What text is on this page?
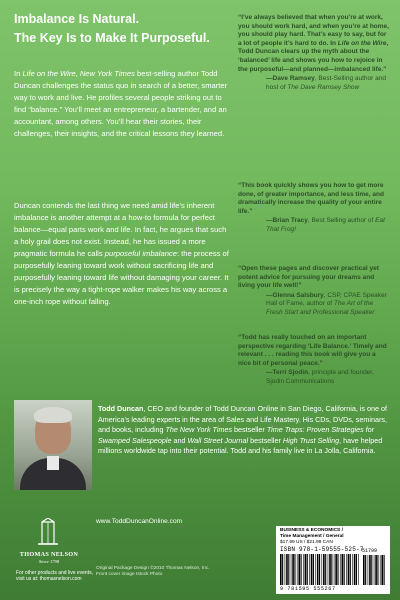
Imbalance Is Natural.
The Key Is to Make It Purposeful.

In Life on the Wire, New York Times best-selling author Todd Duncan challenges the status quo in search of a better, smarter way to work and live. He profiles several people striking out to find “balance.” You’ll meet an entrepreneur, a bartender, and an accountant, among others. You’ll hear their stories, their challenges, their insights, and the critical lessons they learned.

Duncan contends the last thing we need amid life’s inherent imbalance is another attempt at a how-to formula for perfect balance—equal parts work and life. In fact, he argues that such a holy grail does not exist. Instead, he has issued a more pragmatic formula he calls purposeful imbalance: the process of purposefully leaning toward work without sacrificing life and purposefully leaning toward life without damaging your career. It is precisely the way a tight-rope walker makes his way across a one-inch rope without falling.

“I’ve always believed that when you’re at work, you should work hard, and when you’re at home, you should play hard. That’s easy to say, but for a lot of people it’s hard to do. In Life on the Wire, Todd Duncan clears up the myth about the ‘balanced’ life and shows you how to rejoice in the purposeful—and planned—imbalanced life.”

—Dave Ramsey, Best-Selling author and host of The Dave Ramsey Show

“This book quickly shows you how to get more done, of greater importance, and less time, and dramatically increase the quality of your entire life.”

—Brian Tracy, Best Selling author of Eat That Frog!

“Open these pages and discover practical yet potent advice for pursuing your dreams and living your life well!”

—Glenna Salsbury, CSP, CPAE Speaker Hall of Fame, author of The Art of the Fresh Start and Professional Speaker

“Todd has really touched on an important perspective regarding ‘Life Balance.’ Timely and relevant . . . reading this book will give you a nice bit of personal peace.”

—Terri Sjodin, principle and founder, Sjodin Communications
Todd Duncan, CEO and founder of Todd Duncan Online in San Diego, California, is one of America’s leading experts in the area of Sales and Life Mastery. His CDs, DVDs, seminars, and books, including The New York Times bestseller Time Traps: Proven Strategies for Swamped Salespeople and Wall Street Journal bestseller High Trust Selling, have helped millions worldwide tap into their potential. Todd and his family live in La Jolla, California.
www.ToddDuncanOnline.com
THOMAS NELSON
Since 1798
For other products and live events,
visit us at: thomasnelson.com
Original Package Design ©2010 Thomas Nelson, Inc.
Front cover image Istock Photo
BUSINESS & ECONOMICS /
Time Management / General
$17.99 US / $21.99 CAN
ISBN 978-1-59555-525-7
51799
9 781595 555267
